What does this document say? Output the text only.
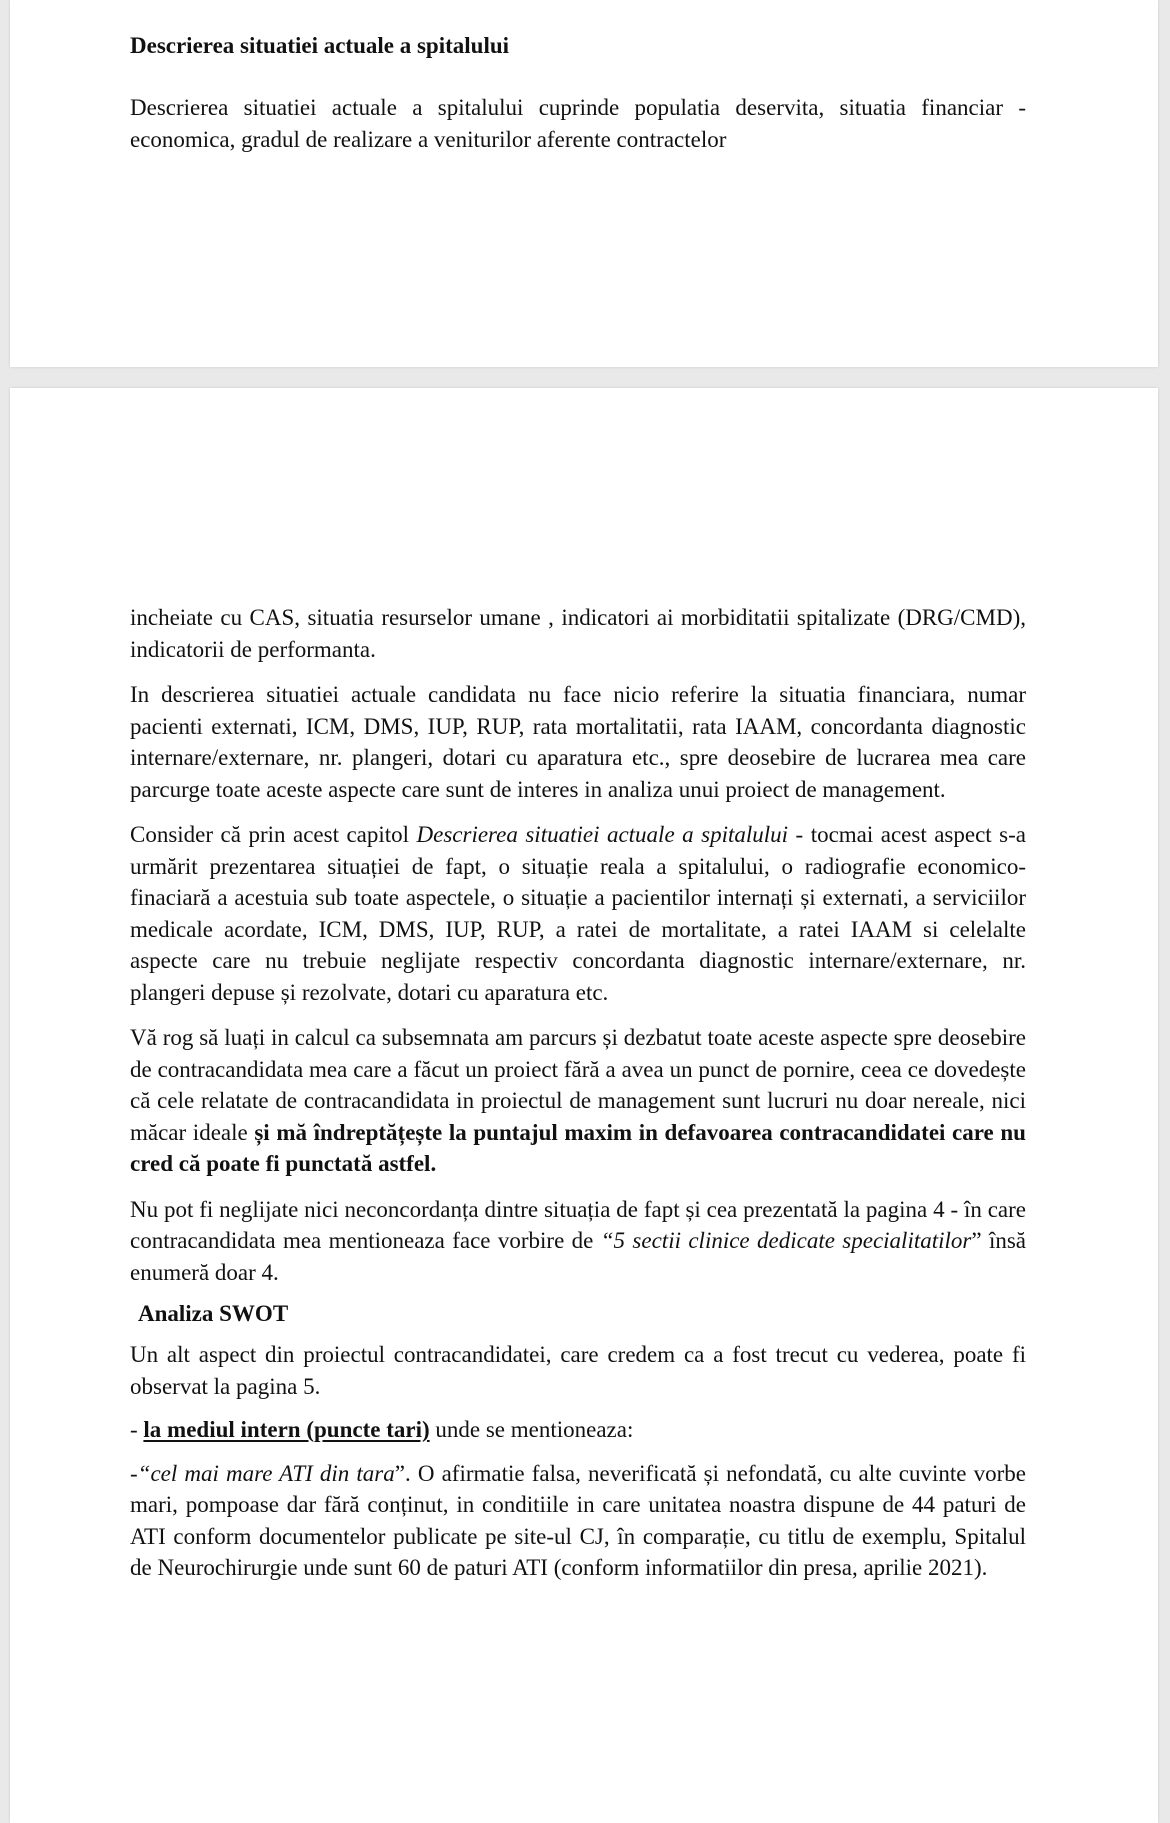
Descrierea situatiei actuale a spitalului

Descrierea situatiei actuale a spitalului cuprinde populatia deservita, situatia financiar - economica, gradul de realizare a veniturilor aferente contractelor

incheiate cu CAS, situatia resurselor umane , indicatori ai morbiditatii spitalizate (DRG/CMD), indicatorii de performanta.

In descrierea situatiei actuale candidata nu face nicio referire la situatia financiara, numar pacienti externati, ICM, DMS, IUP, RUP, rata mortalitatii, rata IAAM, concordanta diagnostic internare/externare, nr. plangeri, dotari cu aparatura etc., spre deosebire de lucrarea mea care parcurge toate aceste aspecte care sunt de interes in analiza unui proiect de management.

Consider că prin acest capitol Descrierea situatiei actuale a spitalului - tocmai acest aspect s-a urmărit prezentarea situației de fapt, o situație reala a spitalului, o radiografie economico-finaciară a acestuia sub toate aspectele, o situație a pacientilor internați și externati, a serviciilor medicale acordate, ICM, DMS, IUP, RUP, a ratei de mortalitate, a ratei IAAM si celelalte aspecte care nu trebuie neglijate respectiv concordanta diagnostic internare/externare, nr. plangeri depuse și rezolvate, dotari cu aparatura etc.

Vă rog să luați in calcul ca subsemnata am parcurs și dezbatut toate aceste aspecte spre deosebire de contracandidata mea care a făcut un proiect fără a avea un punct de pornire, ceea ce dovedește că cele relatate de contracandidata in proiectul de management sunt lucruri nu doar nereale, nici măcar ideale și mă îndreptățește la puntajul maxim in defavoarea contracandidatei care nu cred că poate fi punctată astfel.

Nu pot fi neglijate nici neconcordanța dintre situația de fapt și cea prezentată la pagina 4 - în care contracandidata mea mentioneaza face vorbire de “5 sectii clinice dedicate specialitatilor” însă enumeră doar 4.

Analiza SWOT

Un alt aspect din proiectul contracandidatei, care credem ca a fost trecut cu vederea, poate fi observat la pagina 5.

- la mediul intern (puncte tari) unde se mentioneaza:

-“cel mai mare ATI din tara”. O afirmatie falsa, neverificată și nefondată, cu alte cuvinte vorbe mari, pompoase dar fără conținut, in conditiile in care unitatea noastra dispune de 44 paturi de ATI conform documentelor publicate pe site-ul CJ, în comparație, cu titlu de exemplu, Spitalul de Neurochirurgie unde sunt 60 de paturi ATI (conform informatiilor din presa, aprilie 2021).
